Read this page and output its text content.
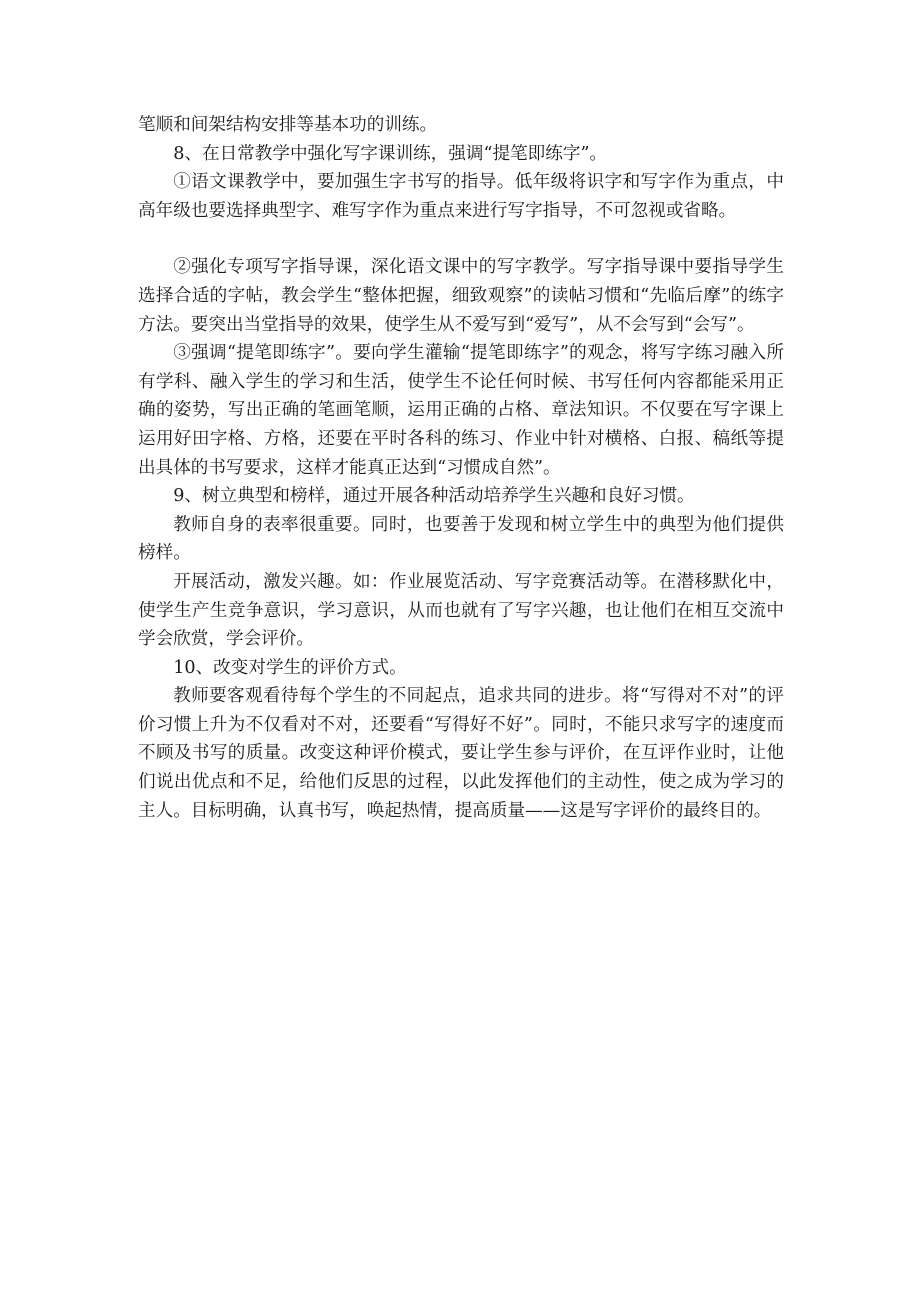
笔顺和间架结构安排等基本功的训练。

8、在日常教学中强化写字课训练，强调“提笔即练字”。

①语文课教学中，要加强生字书写的指导。低年级将识字和写字作为重点，中高年级也要选择典型字、难写字作为重点来进行写字指导，不可忽视或省略。

②强化专项写字指导课，深化语文课中的写字教学。写字指导课中要指导学生选择合适的字帖，教会学生“整体把握，细致观察”的读帖习惯和“先临后摩”的练字方法。要突出当堂指导的效果，使学生从不爱写到“爱写”，从不会写到“会写”。

③强调“提笔即练字”。要向学生灌输“提笔即练字”的观念，将写字练习融入所有学科、融入学生的学习和生活，使学生不论任何时候、书写任何内容都能采用正确的姿势，写出正确的笔画笔顺，运用正确的占格、章法知识。不仅要在写字课上运用好田字格、方格，还要在平时各科的练习、作业中针对横格、白报、稿纸等提出具体的书写要求，这样才能真正达到“习惯成自然”。

9、树立典型和榜样，通过开展各种活动培养学生兴趣和良好习惯。

教师自身的表率很重要。同时，也要善于发现和树立学生中的典型为他们提供榜样。

开展活动，激发兴趣。如：作业展览活动、写字竞赛活动等。在潜移默化中，使学生产生竞争意识，学习意识，从而也就有了写字兴趣，也让他们在相互交流中学会欣赏，学会评价。

10、改变对学生的评价方式。

教师要客观看待每个学生的不同起点，追求共同的进步。将“写得对不对”的评价习惯上升为不仅看对不对，还要看“写得好不好”。同时，不能只求写字的速度而不顾及书写的质量。改变这种评价模式，要让学生参与评价，在互评作业时，让他们说出优点和不足，给他们反思的过程，以此发挥他们的主动性，使之成为学习的主人。目标明确，认真书写，唤起热情，提高质量——这是写字评价的最终目的。
